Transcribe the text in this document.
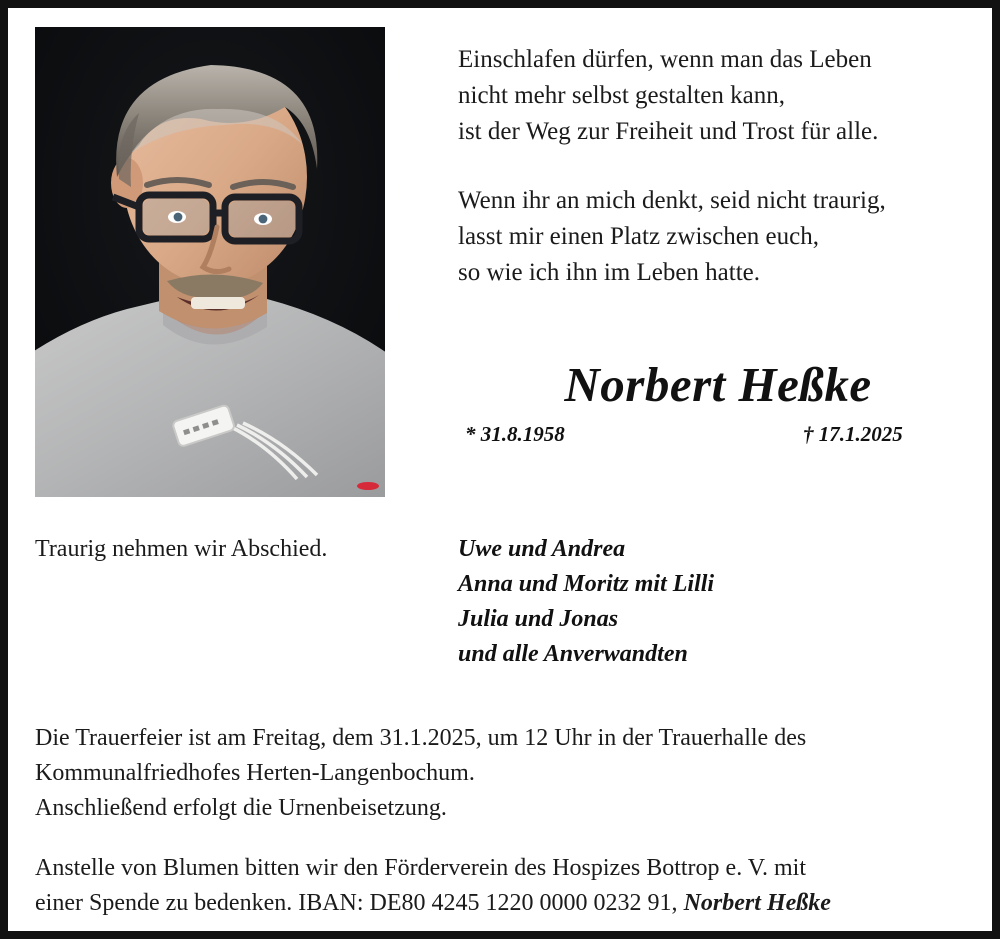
Einschlafen dürfen, wenn man das Leben
nicht mehr selbst gestalten kann,
ist der Weg zur Freiheit und Trost für alle.
Wenn ihr an mich denkt, seid nicht traurig,
lasst mir einen Platz zwischen euch,
so wie ich ihn im Leben hatte.
Norbert Heßke
* 31.8.1958	† 17.1.2025
Traurig nehmen wir Abschied.	Uwe und Andrea
Anna und Moritz mit Lilli
Julia und Jonas
und alle Anverwandten
Die Trauerfeier ist am Freitag, dem 31.1.2025, um 12 Uhr in der Trauerhalle des
Kommunalfriedhofes Herten-Langenbochum.
Anschließend erfolgt die Urnenbeisetzung.
Anstelle von Blumen bitten wir den Förderverein des Hospizes Bottrop e. V. mit
einer Spende zu bedenken. IBAN: DE80 4245 1220 0000 0232 91, Norbert Heßke
